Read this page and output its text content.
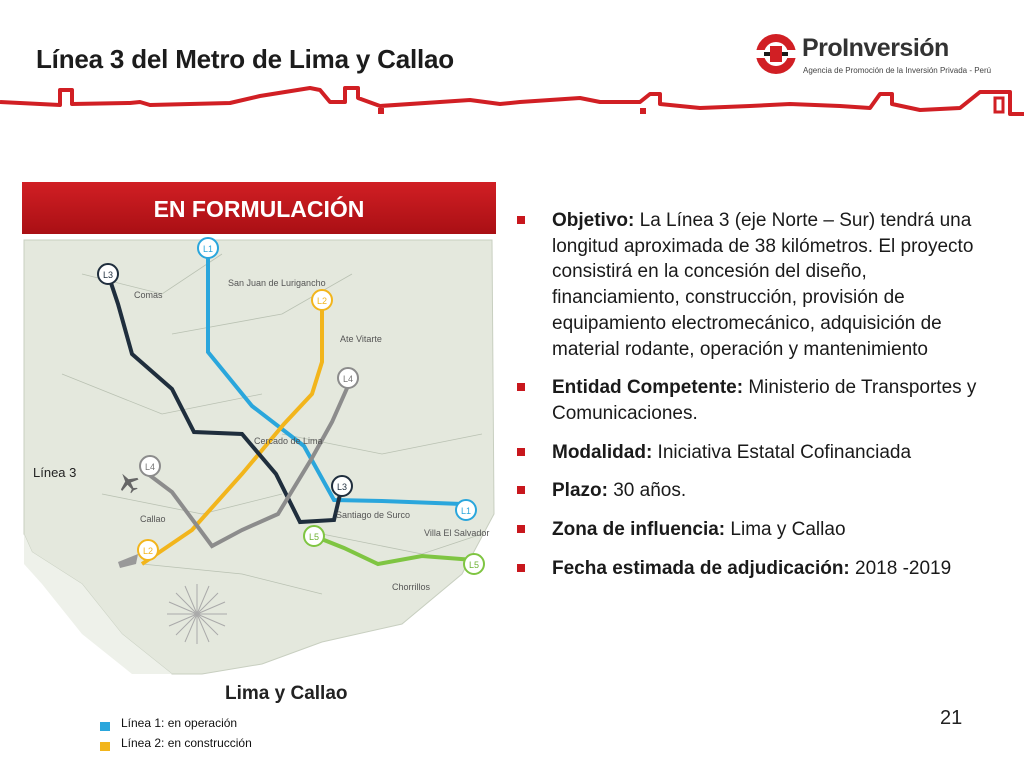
Línea 3 del Metro de Lima y Callao	ProInversión
Agencia de Promoción de la Inversión Privada - Perú
EN FORMULACIÓN
L1
L1
L2
L2
L3
L3
L4
L4
L5
L5
Comas
San Juan de Lurigancho
Ate Vitarte
Cercado de Lima
Callao	Santiago de Surco
Villa El Salvador
Chorrillos
Línea 3
Lima y Callao
Línea 1: en operación
Línea 2: en construcción
Objetivo: La Línea 3 (eje Norte – Sur) tendrá una longitud aproximada de 38 kilómetros. El proyecto consistirá en la concesión del diseño, financiamiento, construcción, provisión de equipamiento electromecánico, adquisición de material rodante, operación y mantenimiento
Entidad Competente: Ministerio de Transportes y Comunicaciones.
Modalidad: Iniciativa Estatal Cofinanciada
Plazo: 30 años.
Zona de influencia: Lima y Callao
Fecha estimada de adjudicación: 2018 -2019
21
